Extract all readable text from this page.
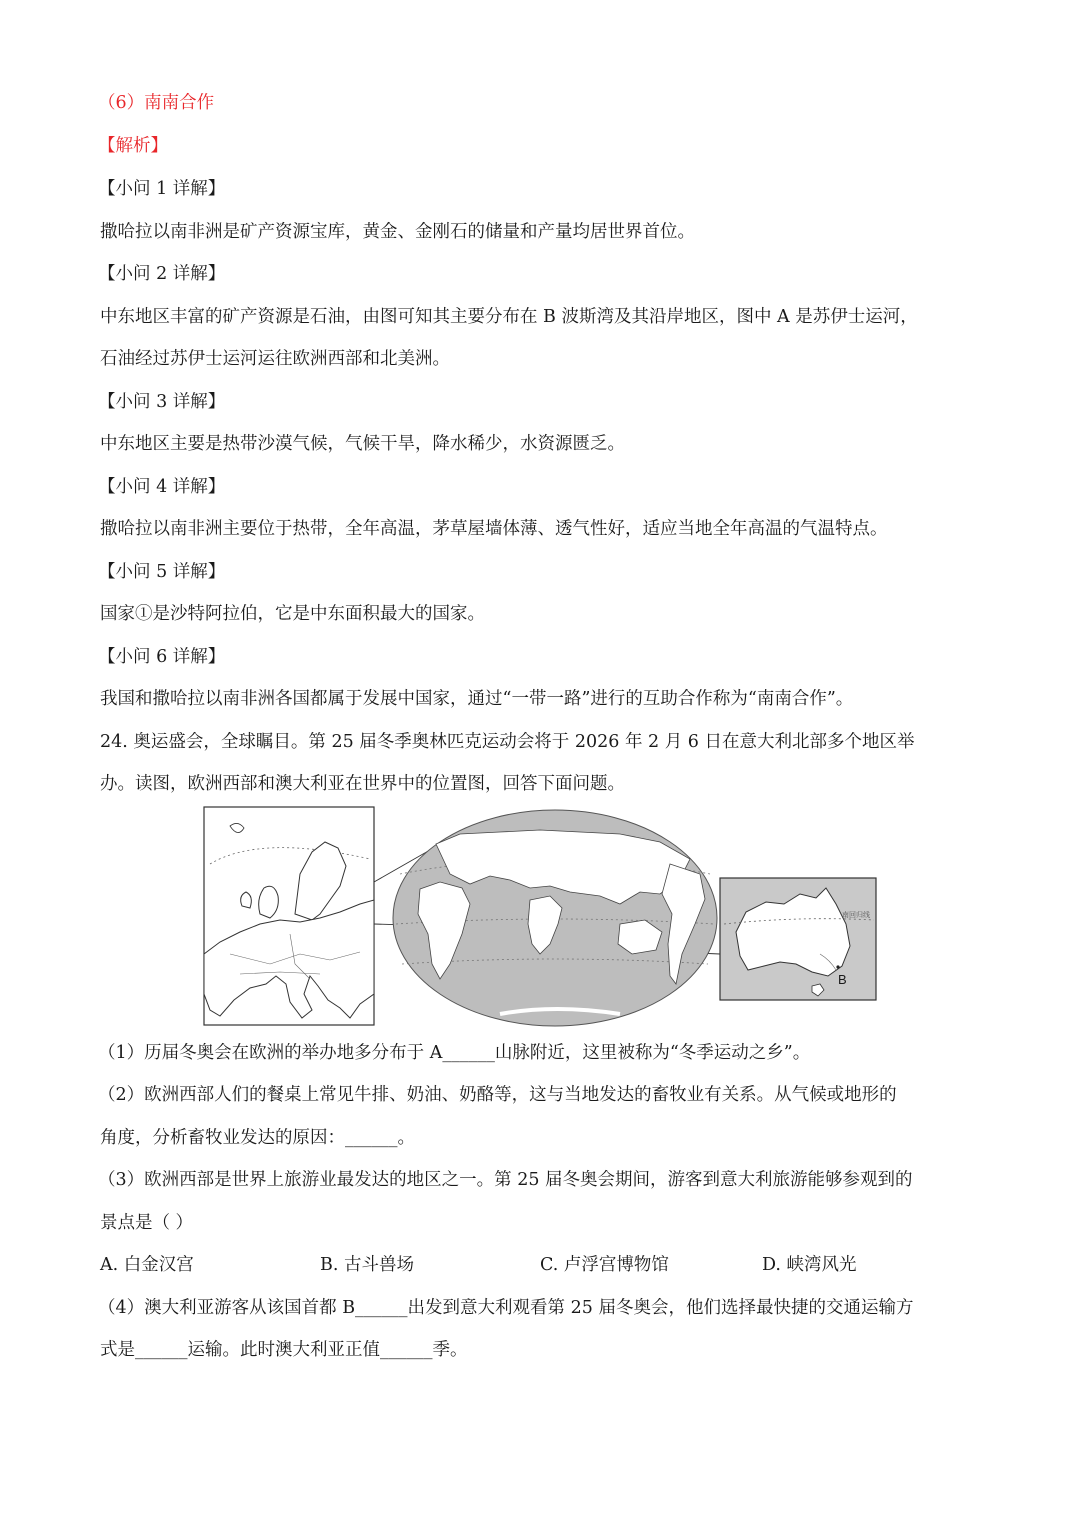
（6）南南合作
【解析】
【小问 1 详解】
撒哈拉以南非洲是矿产资源宝库，黄金、金刚石的储量和产量均居世界首位。
【小问 2 详解】
中东地区丰富的矿产资源是石油，由图可知其主要分布在 B 波斯湾及其沿岸地区，图中 A 是苏伊士运河，
石油经过苏伊士运河运往欧洲西部和北美洲。
【小问 3 详解】
中东地区主要是热带沙漠气候，气候干旱，降水稀少，水资源匮乏。
【小问 4 详解】
撒哈拉以南非洲主要位于热带，全年高温，茅草屋墙体薄、透气性好，适应当地全年高温的气温特点。
【小问 5 详解】
国家①是沙特阿拉伯，它是中东面积最大的国家。
【小问 6 详解】
我国和撒哈拉以南非洲各国都属于发展中国家，通过“一带一路”进行的互助合作称为“南南合作”。
24. 奥运盛会，全球瞩目。第 25 届冬季奥林匹克运动会将于 2026 年 2 月 6 日在意大利北部多个地区举
办。读图，欧洲西部和澳大利亚在世界中的位置图，回答下面问题。
B
南回归线
（1）历届冬奥会在欧洲的举办地多分布于 A______山脉附近，这里被称为“冬季运动之乡”。
（2）欧洲西部人们的餐桌上常见牛排、奶油、奶酪等，这与当地发达的畜牧业有关系。从气候或地形的
角度，分析畜牧业发达的原因：______。
（3）欧洲西部是世界上旅游业最发达的地区之一。第 25 届冬奥会期间，游客到意大利旅游能够参观到的
景点是（ ）
A. 白金汉宫	B. 古斗兽场	C. 卢浮宫博物馆	D. 峡湾风光
（4）澳大利亚游客从该国首都 B______出发到意大利观看第 25 届冬奥会，他们选择最快捷的交通运输方
式是______运输。此时澳大利亚正值______季。
